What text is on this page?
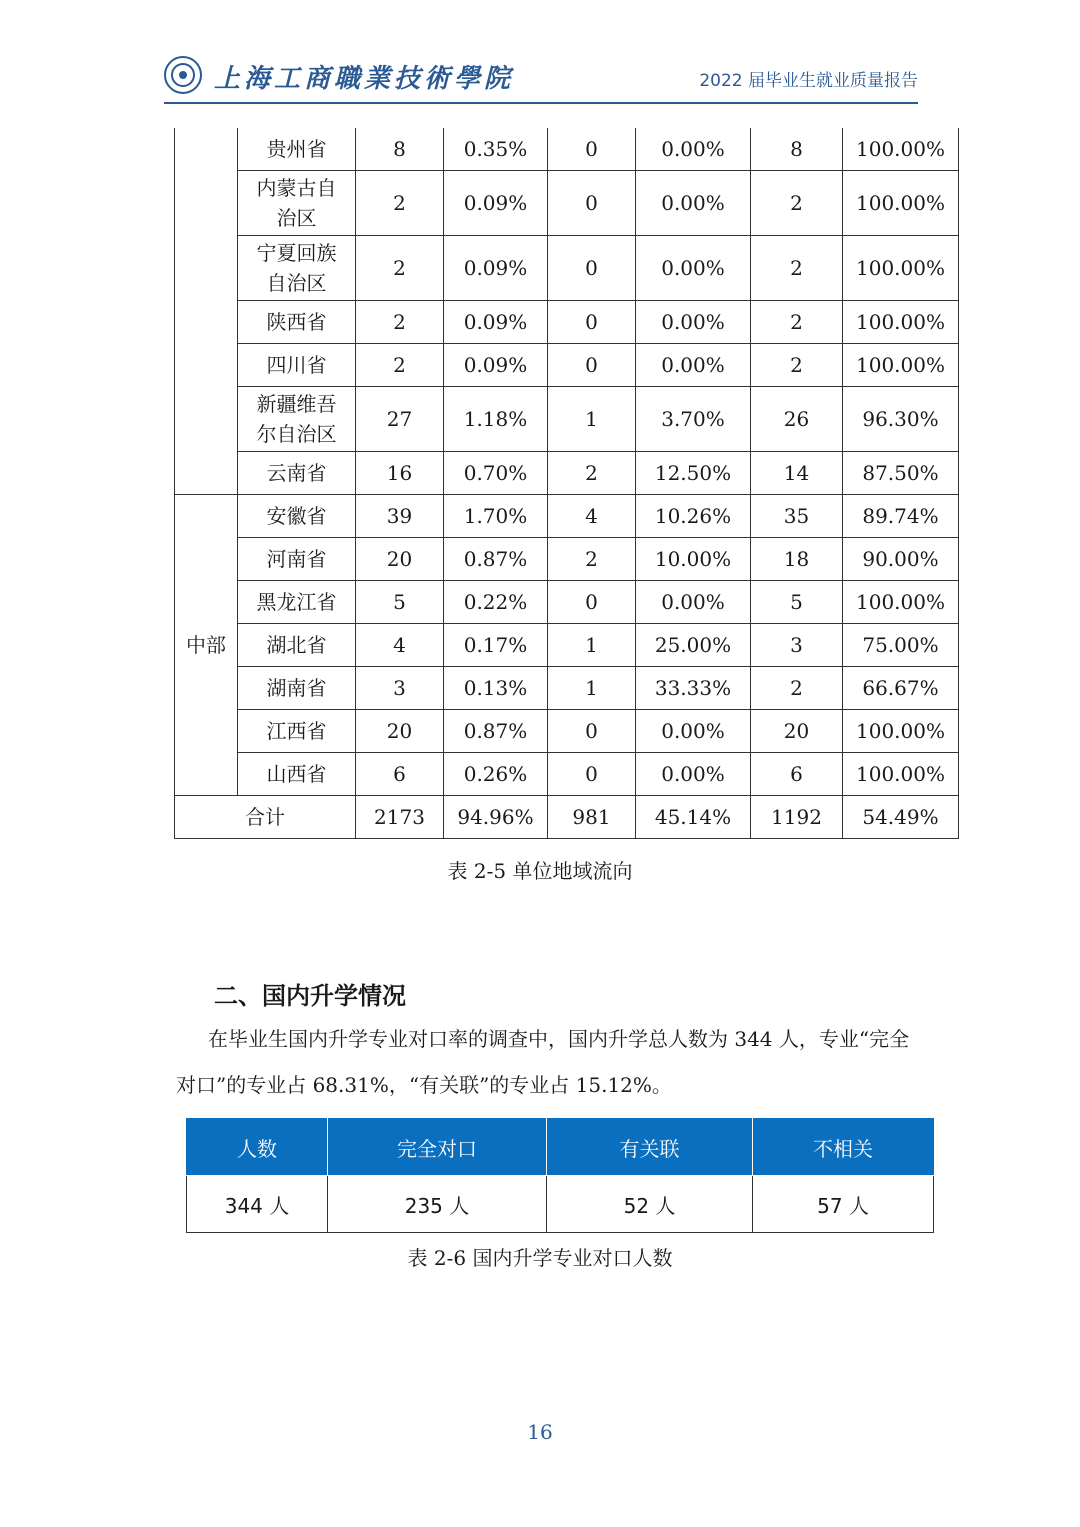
上海工商職業技術學院	2022 届毕业生就业质量报告
	贵州省	8	0.35%	0	0.00%	8	100.00%
	内蒙古自治区	2	0.09%	0	0.00%	2	100.00%
	宁夏回族自治区	2	0.09%	0	0.00%	2	100.00%
	陕西省	2	0.09%	0	0.00%	2	100.00%
	四川省	2	0.09%	0	0.00%	2	100.00%
	新疆维吾尔自治区	27	1.18%	1	3.70%	26	96.30%
	云南省	16	0.70%	2	12.50%	14	87.50%
中部	安徽省	39	1.70%	4	10.26%	35	89.74%
	河南省	20	0.87%	2	10.00%	18	90.00%
	黑龙江省	5	0.22%	0	0.00%	5	100.00%
	湖北省	4	0.17%	1	25.00%	3	75.00%
	湖南省	3	0.13%	1	33.33%	2	66.67%
	江西省	20	0.87%	0	0.00%	20	100.00%
	山西省	6	0.26%	0	0.00%	6	100.00%
合计		2173	94.96%	981	45.14%	1192	54.49%
表 2-5 单位地域流向
二、国内升学情况
在毕业生国内升学专业对口率的调查中，国内升学总人数为 344 人，专业“完全对口”的专业占 68.31%，“有关联”的专业占 15.12%。
人数	完全对口	有关联	不相关
344 人	235 人	52 人	57 人
表 2-6 国内升学专业对口人数
16
